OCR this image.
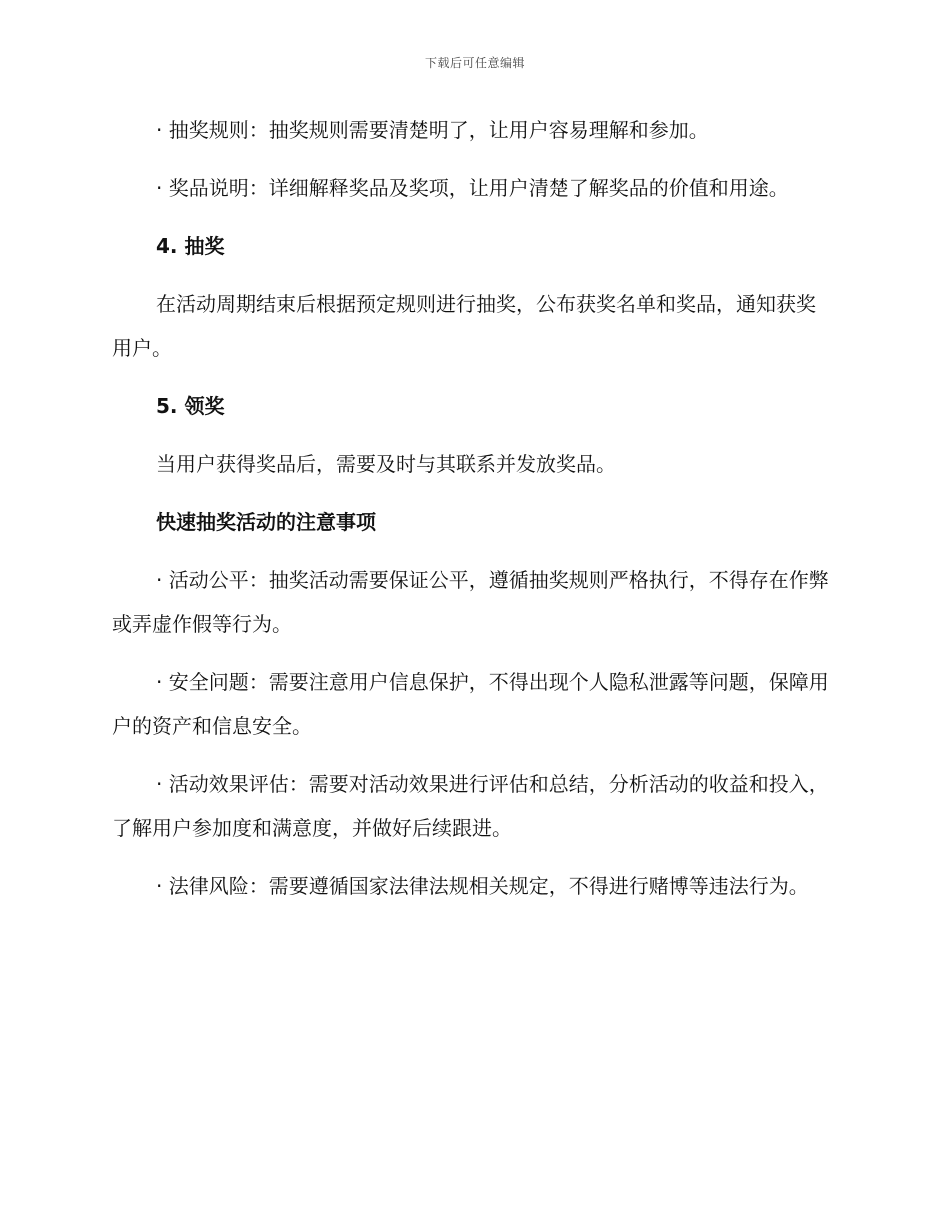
下载后可任意编辑

· 抽奖规则：抽奖规则需要清楚明了，让用户容易理解和参加。

· 奖品说明：详细解释奖品及奖项，让用户清楚了解奖品的价值和用途。

4. 抽奖

在活动周期结束后根据预定规则进行抽奖，公布获奖名单和奖品，通知获奖用户。

5. 领奖

当用户获得奖品后，需要及时与其联系并发放奖品。

快速抽奖活动的注意事项

· 活动公平：抽奖活动需要保证公平，遵循抽奖规则严格执行，不得存在作弊或弄虚作假等行为。

· 安全问题：需要注意用户信息保护，不得出现个人隐私泄露等问题，保障用户的资产和信息安全。

· 活动效果评估：需要对活动效果进行评估和总结，分析活动的收益和投入，了解用户参加度和满意度，并做好后续跟进。

· 法律风险：需要遵循国家法律法规相关规定，不得进行赌博等违法行为。
